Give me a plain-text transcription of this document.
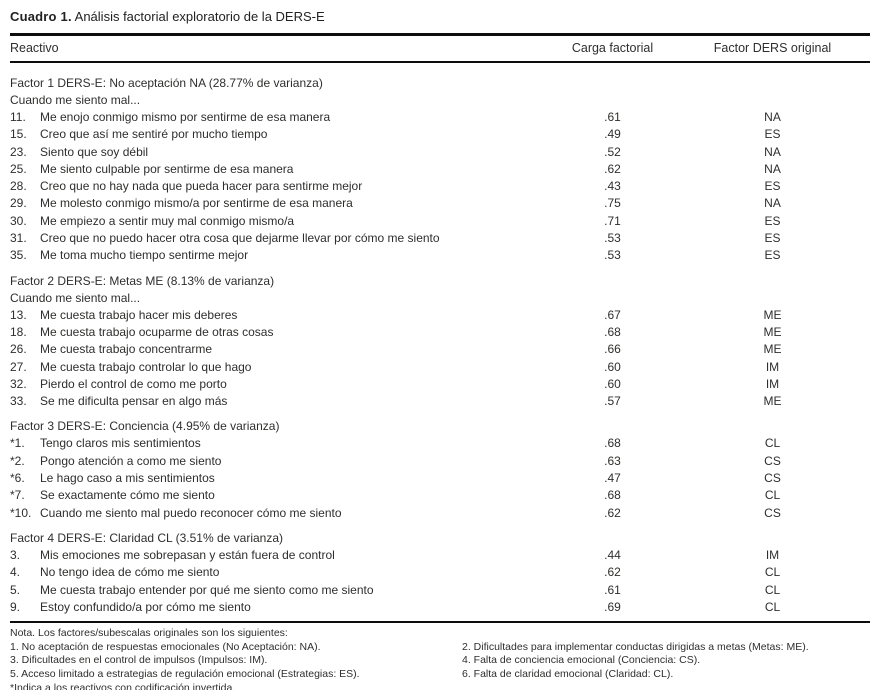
Cuadro 1. Análisis factorial exploratorio de la DERS-E
Reactivo	Carga factorial	Factor DERS original
Factor 1 DERS-E: No aceptación NA (28.77% de varianza)
Cuando me siento mal...
11.	Me enojo conmigo mismo por sentirme de esa manera	.61	NA
15.	Creo que así me sentiré por mucho tiempo	.49	ES
23.	Siento que soy débil	.52	NA
25.	Me siento culpable por sentirme de esa manera	.62	NA
28.	Creo que no hay nada que pueda hacer para sentirme mejor	.43	ES
29.	Me molesto conmigo mismo/a por sentirme de esa manera	.75	NA
30.	Me empiezo a sentir muy mal conmigo mismo/a	.71	ES
31.	Creo que no puedo hacer otra cosa que dejarme llevar por cómo me siento	.53	ES
35.	Me toma mucho tiempo sentirme mejor	.53	ES
Factor 2 DERS-E: Metas ME (8.13% de varianza)
Cuando me siento mal...
13.	Me cuesta trabajo hacer mis deberes	.67	ME
18.	Me cuesta trabajo ocuparme de otras cosas	.68	ME
26.	Me cuesta trabajo concentrarme	.66	ME
27.	Me cuesta trabajo controlar lo que hago	.60	IM
32.	Pierdo el control de como me porto	.60	IM
33.	Se me dificulta pensar en algo más	.57	ME
Factor 3 DERS-E: Conciencia (4.95% de varianza)
*1.	Tengo claros mis sentimientos	.68	CL
*2.	Pongo atención a como me siento	.63	CS
*6.	Le hago caso a mis sentimientos	.47	CS
*7.	Se exactamente cómo me siento	.68	CL
*10. Cuando me siento mal puedo reconocer cómo me siento	.62	CS
Factor 4 DERS-E: Claridad CL (3.51% de varianza)
3.	Mis emociones me sobrepasan y están fuera de control	.44	IM
4.	No tengo idea de cómo me siento	.62	CL
5.	Me cuesta trabajo entender por qué me siento como me siento	.61	CL
9.	Estoy confundido/a por cómo me siento	.69	CL
Nota. Los factores/subescalas originales son los siguientes:
1. No aceptación de respuestas emocionales (No Aceptación: NA).	2. Dificultades para implementar conductas dirigidas a metas (Metas: ME).
3. Dificultades en el control de impulsos (Impulsos: IM).	4. Falta de conciencia emocional (Conciencia: CS).
5. Acceso limitado a estrategias de regulación emocional (Estrategias: ES).	6. Falta de claridad emocional (Claridad: CL).
*Indica a los reactivos con codificación invertida.
